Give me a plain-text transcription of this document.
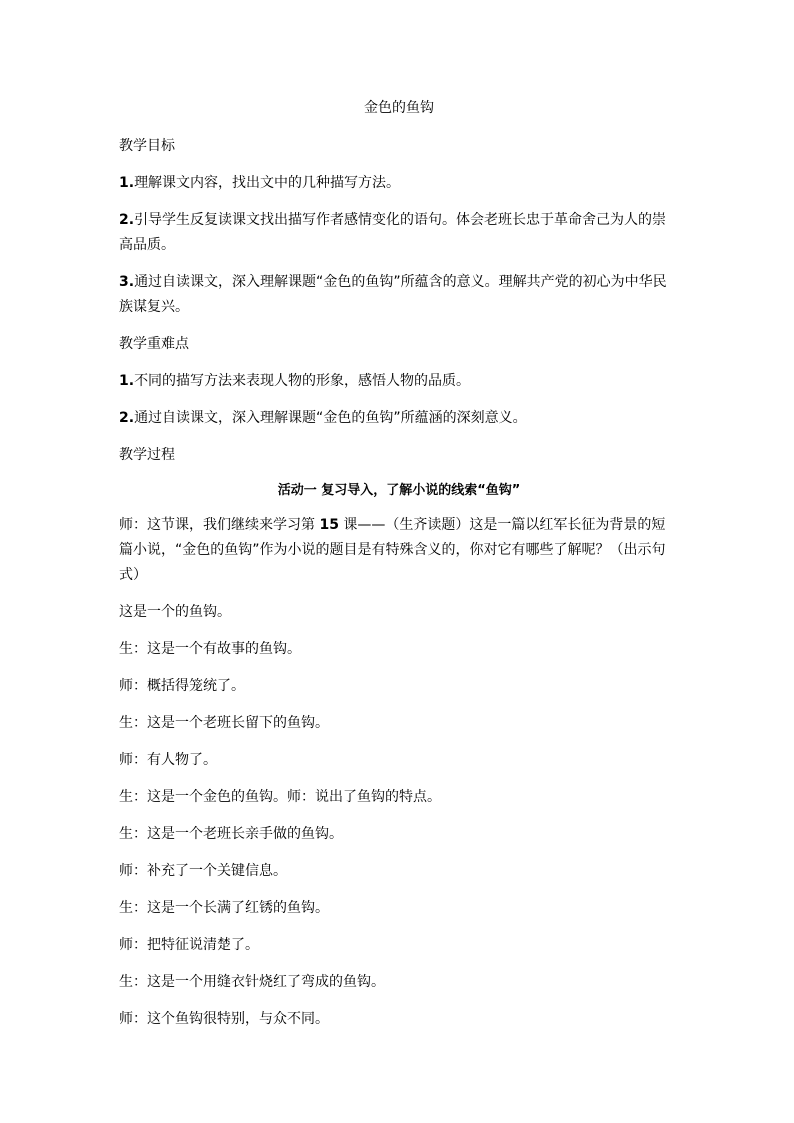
金色的鱼钩
教学目标
1.理解课文内容，找出文中的几种描写方法。
2.引导学生反复读课文找出描写作者感情变化的语句。体会老班长忠于革命舍己为人的崇高品质。
3.通过自读课文，深入理解课题“金色的鱼钩”所蕴含的意义。理解共产党的初心为中华民族谋复兴。
教学重难点
1.不同的描写方法来表现人物的形象，感悟人物的品质。
2.通过自读课文，深入理解课题“金色的鱼钩”所蕴涵的深刻意义。
教学过程
活动一 复习导入，了解小说的线索“鱼钩”
师：这节课，我们继续来学习第 15 课——（生齐读题）这是一篇以红军长征为背景的短篇小说，“金色的鱼钩”作为小说的题目是有特殊含义的，你对它有哪些了解呢？（出示句式）
这是一个的鱼钩。
生：这是一个有故事的鱼钩。
师：概括得笼统了。
生：这是一个老班长留下的鱼钩。
师：有人物了。
生：这是一个金色的鱼钩。师：说出了鱼钩的特点。
生：这是一个老班长亲手做的鱼钩。
师：补充了一个关键信息。
生：这是一个长满了红锈的鱼钩。
师：把特征说清楚了。
生：这是一个用缝衣针烧红了弯成的鱼钩。
师：这个鱼钩很特别，与众不同。
